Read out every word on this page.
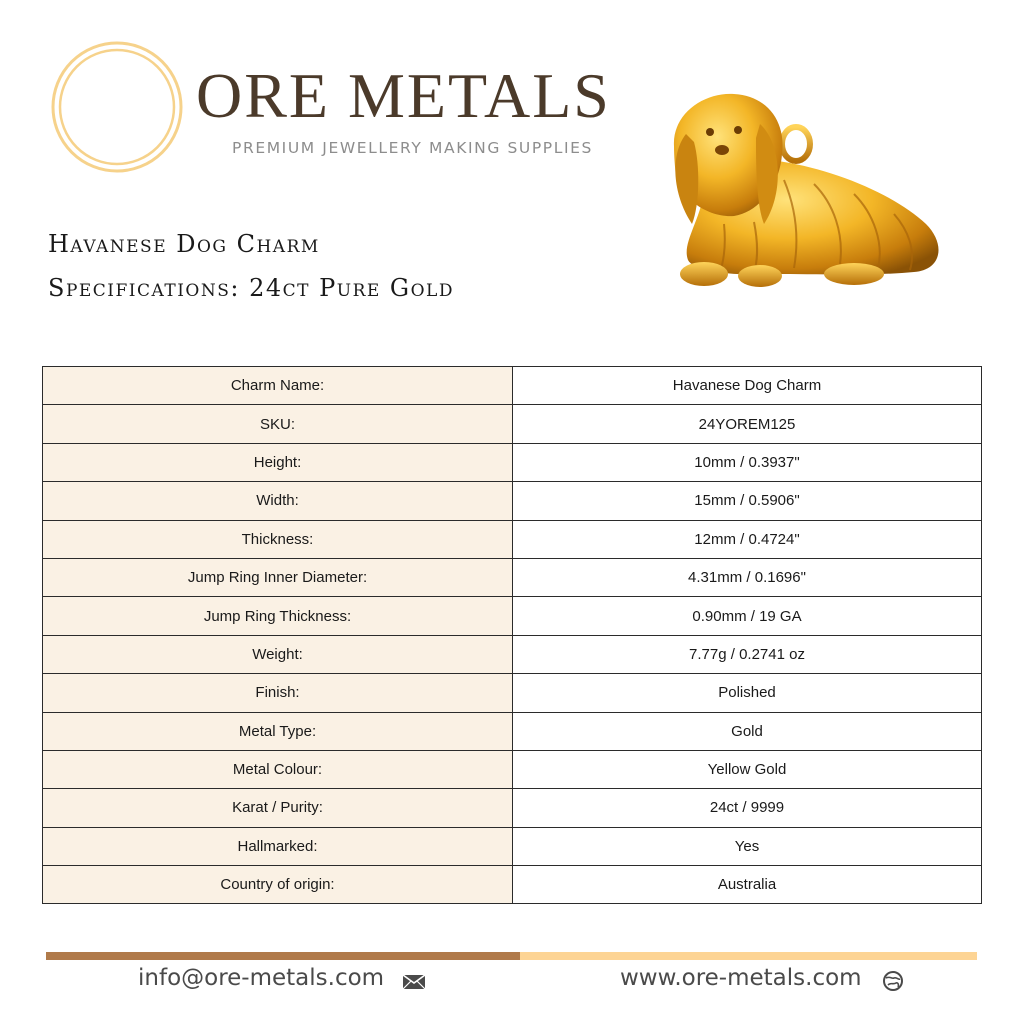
ORE METALS
PREMIUM JEWELLERY MAKING SUPPLIES
Havanese Dog Charm
Specifications: 24ct Pure Gold
Charm Name:	Havanese Dog Charm
SKU:	24YOREM125
Height:	10mm / 0.3937"
Width:	15mm / 0.5906"
Thickness:	12mm / 0.4724"
Jump Ring Inner Diameter:	4.31mm / 0.1696"
Jump Ring Thickness:	0.90mm / 19 GA
Weight:	7.77g / 0.2741 oz
Finish:	Polished
Metal Type:	Gold
Metal Colour:	Yellow Gold
Karat / Purity:	24ct / 9999
Hallmarked:	Yes
Country of origin:	Australia
info@ore-metals.com	www.ore-metals.com
